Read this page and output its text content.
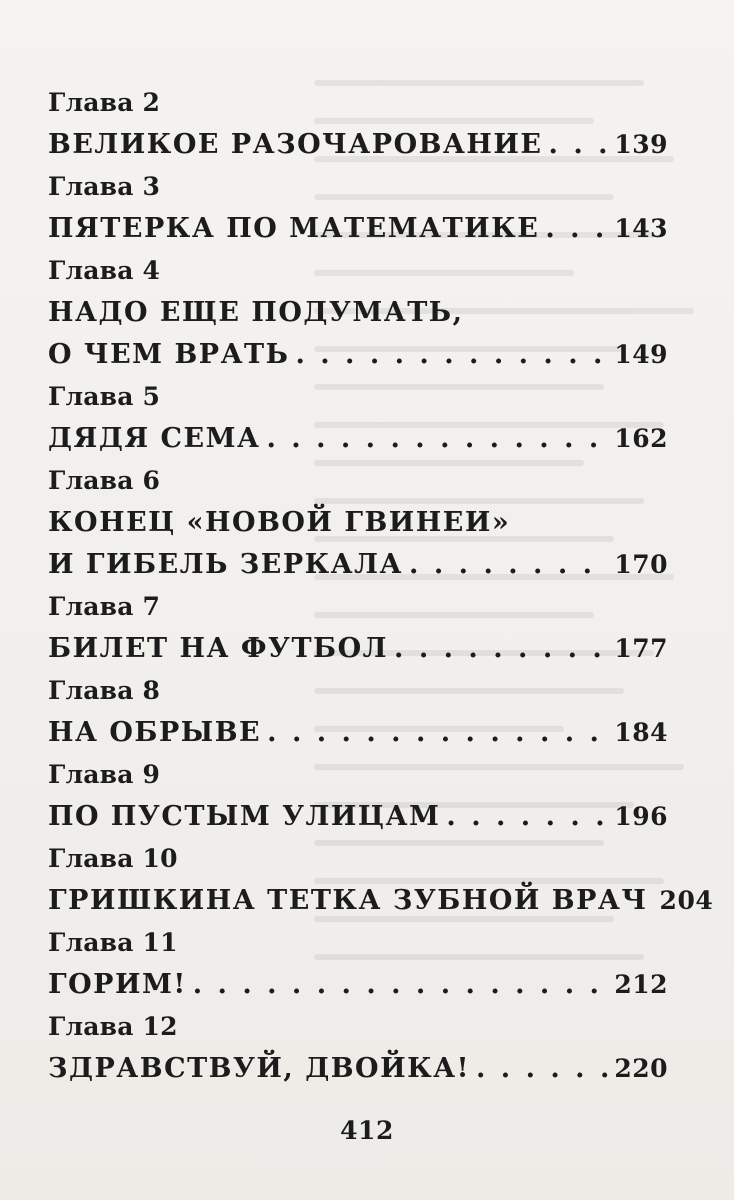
Глава 2
ВЕЛИКОЕ РАЗОЧАРОВАНИЕ . . .	139
Глава 3
ПЯТЕРКА ПО МАТЕМАТИКЕ . . .	143
Глава 4
НАДО ЕЩЕ ПОДУМАТЬ,
О ЧЕМ ВРАТЬ . . .	149
Глава 5
ДЯДЯ СЕМА . . .	162
Глава 6
КОНЕЦ «НОВОЙ ГВИНЕИ»
И ГИБЕЛЬ ЗЕРКАЛА . . .	170
Глава 7
БИЛЕТ НА ФУТБОЛ . . .	177
Глава 8
НА ОБРЫВЕ . . .	184
Глава 9
ПО ПУСТЫМ УЛИЦАМ . . .	196
Глава 10
ГРИШКИНА ТЕТКА ЗУБНОЙ ВРАЧ 204
Глава 11
ГОРИМ! . . .	212
Глава 12
ЗДРАВСТВУЙ, ДВОЙКА! . . .	220
412
